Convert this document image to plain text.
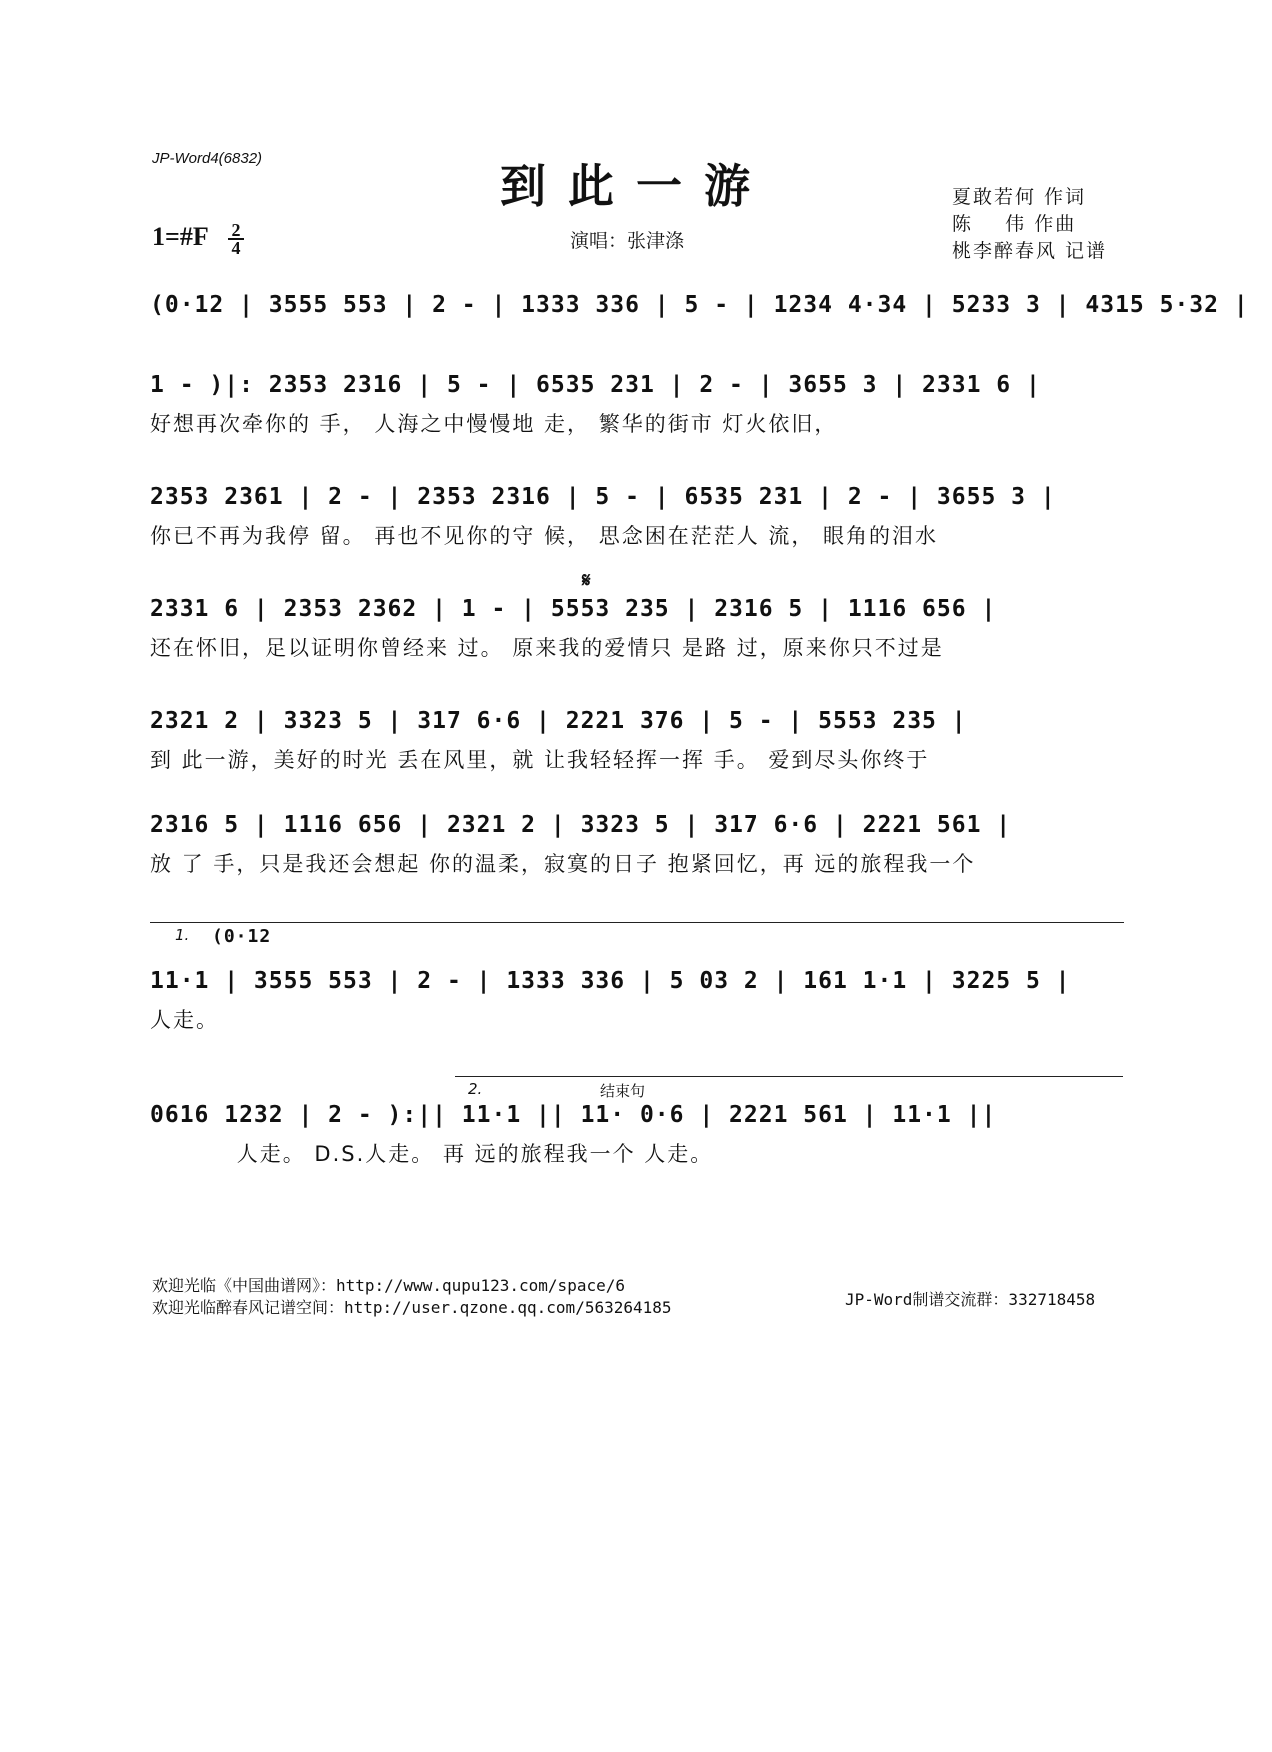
JP-Word4(6832)
到此一游
1=#F 2
4	演唱：张津涤
夏敢若何 作词
陈    伟 作曲
桃李醉春风 记谱
𝄋
(0·12 | 3555 553 | 2 - | 1333 336 | 5 - | 1234 4·34 | 5233 3 | 4315 5·32 |
1 - )|: 2353 2316 | 5 - | 6535 231 | 2 - | 3655 3 | 2331 6 |
好想再次牵你的 手， 人海之中慢慢地 走， 繁华的街市 灯火依旧，
2353 2361 | 2 - | 2353 2316 | 5 - | 6535 231 | 2 - | 3655 3 |
你已不再为我停 留。 再也不见你的守 候， 思念困在茫茫人 流， 眼角的泪水
2331 6 | 2353 2362 | 1 - | 5553 235 | 2316 5 | 1116 656 |
还在怀旧，足以证明你曾经来 过。 原来我的爱情只 是路 过，原来你只不过是
2321 2 | 3323 5 | 317 6·6 | 2221 376 | 5 - | 5553 235 |
到 此一游，美好的时光 丢在风里，就 让我轻轻挥一挥 手。 爱到尽头你终于
2316 5 | 1116 656 | 2321 2 | 3323 5 | 317 6·6 | 2221 561 |
放 了 手，只是我还会想起 你的温柔，寂寞的日子 抱紧回忆，再 远的旅程我一个
1. (0·12
11·1 | 3555 553 | 2 - | 1333 336 | 5 03 2 | 161 1·1 | 3225 5 |
人走。
2.	结束句
0616 1232 | 2 - ):|| 11·1 || 11· 0·6 | 2221 561 | 11·1 ||
人走。 D.S.人走。 再 远的旅程我一个 人走。
欢迎光临《中国曲谱网》：http://www.qupu123.com/space/6
欢迎光临醉春风记谱空间：http://user.qzone.qq.com/563264185	JP-Word制谱交流群：332718458
